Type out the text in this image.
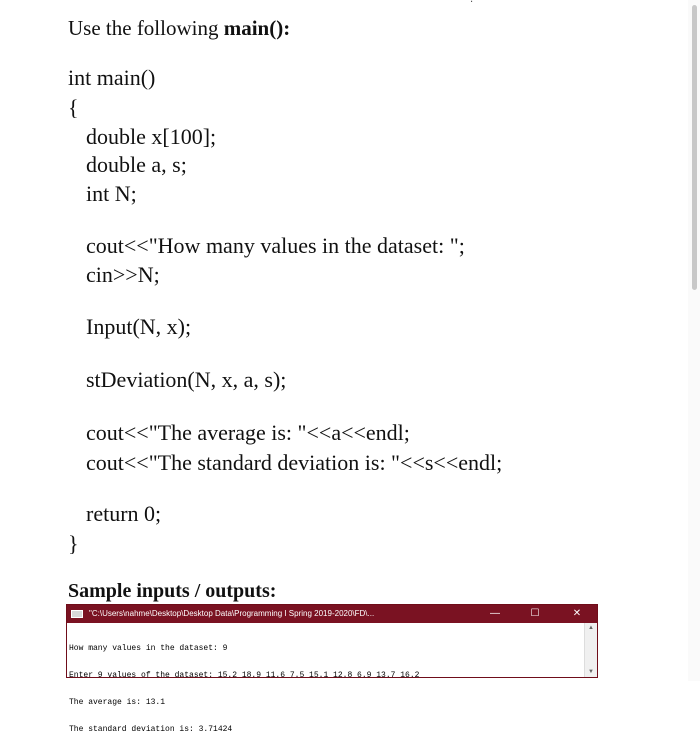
‧
Use the following main():
int main()
{
double x[100];
double a, s;
int N;
cout<<"How many values in the dataset: ";
cin>>N;
Input(N, x);
stDeviation(N, x, a, s);
cout<<"The average is: "<<a<<endl;
cout<<"The standard deviation is: "<<s<<endl;
return 0;
}
Sample inputs / outputs:
"C:\Users\nahme\Desktop\Desktop Data\Programming I Spring 2019-2020\FD\...	—	☐	✕

How many values in the dataset: 9

Enter 9 values of the dataset: 15.2 18.9 11.6 7.5 15.1 12.8 6.9 13.7 16.2

The average is: 13.1

The standard deviation is: 3.71424

▲
▼
